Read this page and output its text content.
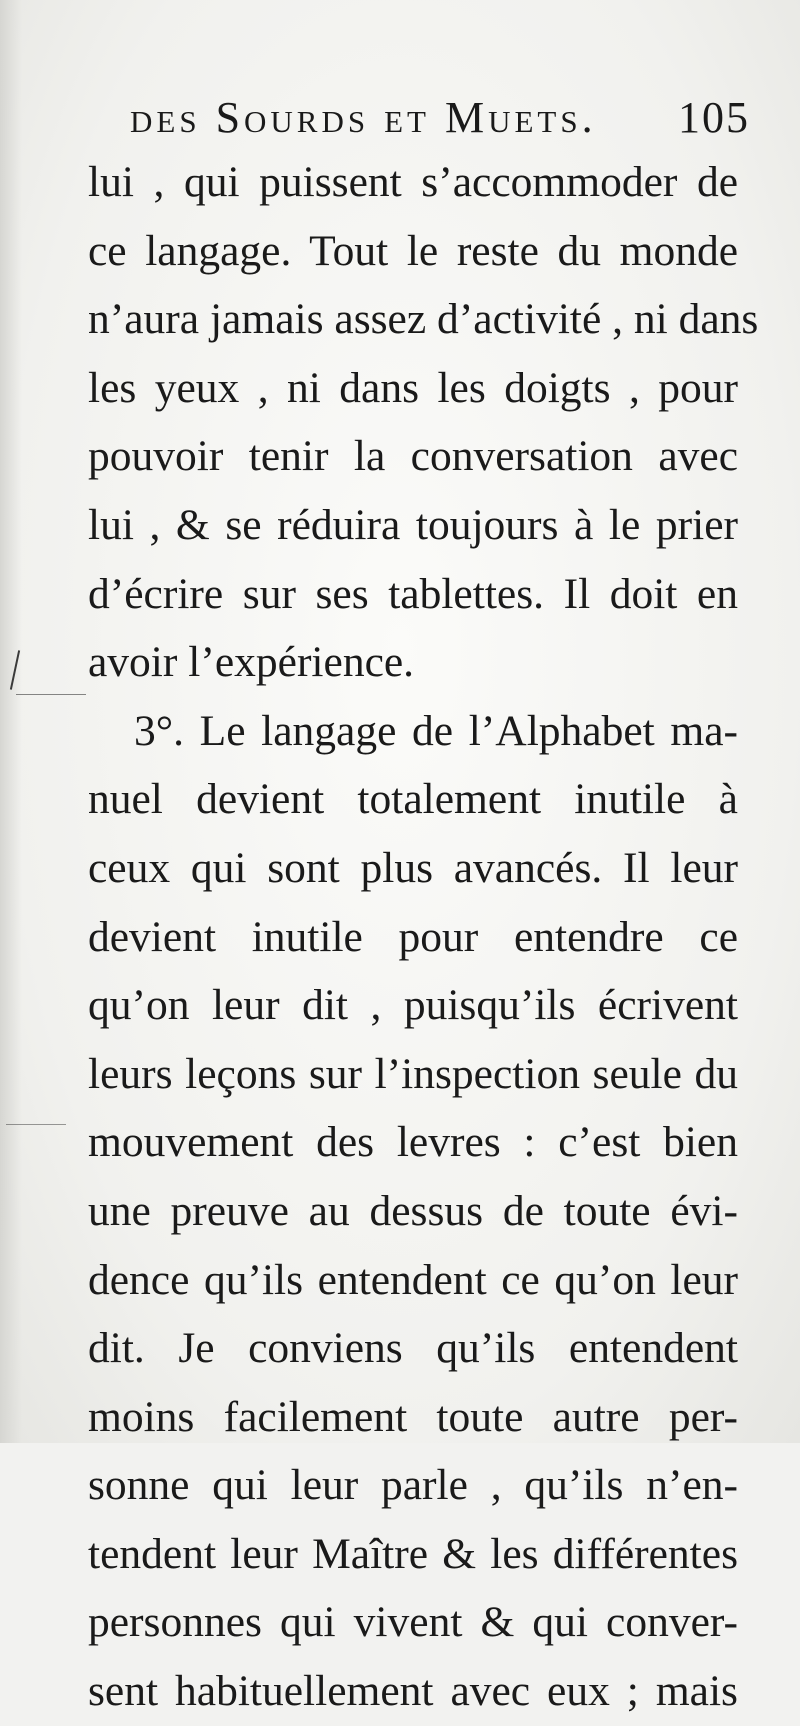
des Sourds et Muets. 105
lui , qui puissent s’accommoder de
ce langage. Tout le reste du monde
n’aura jamais assez d’activité , ni dans
les yeux , ni dans les doigts , pour
pouvoir tenir la conversation avec
lui , & se réduira toujours à le prier
d’écrire sur ses tablettes. Il doit en
avoir l’expérience.
3°. Le langage de l’Alphabet ma-
nuel devient totalement inutile à
ceux qui sont plus avancés. Il leur
devient inutile pour entendre ce
qu’on leur dit , puisqu’ils écrivent
leurs leçons sur l’inspection seule du
mouvement des levres : c’est bien
une preuve au dessus de toute évi-
dence qu’ils entendent ce qu’on leur
dit. Je conviens qu’ils entendent
moins facilement toute autre per-
sonne qui leur parle , qu’ils n’en-
tendent leur Maître & les différentes
personnes qui vivent & qui conver-
sent habituellement avec eux ; mais
